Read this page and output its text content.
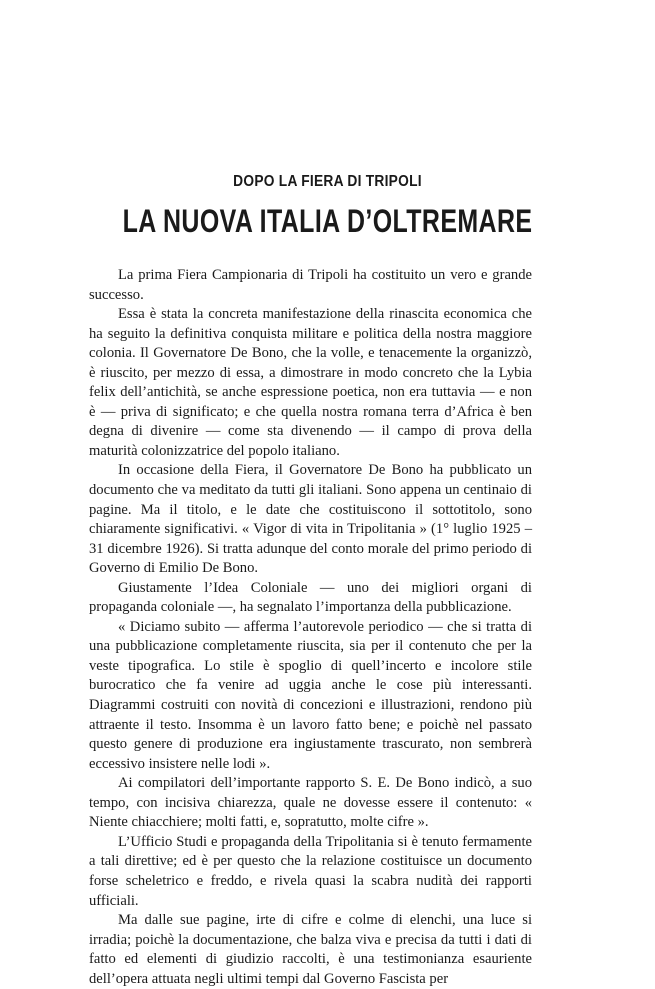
DOPO LA FIERA DI TRIPOLI
LA NUOVA ITALIA D’OLTREMARE

La prima Fiera Campionaria di Tripoli ha costituito un vero e grande successo.

Essa è stata la concreta manifestazione della rinascita economica che ha seguito la definitiva conquista militare e politica della nostra maggiore colonia. Il Governatore De Bono, che la volle, e tenacemente la organizzò, è riuscito, per mezzo di essa, a dimostrare in modo concreto che la Lybia felix dell’antichità, se anche espressione poetica, non era tuttavia — e non è — priva di significato; e che quella nostra romana terra d’Africa è ben degna di divenire — come sta divenendo — il campo di prova della maturità colonizzatrice del popolo italiano.

In occasione della Fiera, il Governatore De Bono ha pubblicato un documento che va meditato da tutti gli italiani. Sono appena un centinaio di pagine. Ma il titolo, e le date che costituiscono il sottotitolo, sono chiaramente significativi. « Vigor di vita in Tripolitania » (1° luglio 1925 – 31 dicembre 1926). Si tratta adunque del conto morale del primo periodo di Governo di Emilio De Bono.

Giustamente l’Idea Coloniale — uno dei migliori organi di propaganda coloniale —, ha segnalato l’importanza della pubblicazione.

« Diciamo subito — afferma l’autorevole periodico — che si tratta di una pubblicazione completamente riuscita, sia per il contenuto che per la veste tipografica. Lo stile è spoglio di quell’incerto e incolore stile burocratico che fa venire ad uggia anche le cose più interessanti. Diagrammi costruiti con novità di concezioni e illustrazioni, rendono più attraente il testo. Insomma è un lavoro fatto bene; e poichè nel passato questo genere di produzione era ingiustamente trascurato, non sembrerà eccessivo insistere nelle lodi ».

Ai compilatori dell’importante rapporto S. E. De Bono indicò, a suo tempo, con incisiva chiarezza, quale ne dovesse essere il contenuto: « Niente chiacchiere; molti fatti, e, sopratutto, molte cifre ».

L’Ufficio Studi e propaganda della Tripolitania si è tenuto fermamente a tali direttive; ed è per questo che la relazione costituisce un documento forse scheletrico e freddo, e rivela quasi la scabra nudità dei rapporti ufficiali.

Ma dalle sue pagine, irte di cifre e colme di elenchi, una luce si irradia; poichè la documentazione, che balza viva e precisa da tutti i dati di fatto ed elementi di giudizio raccolti, è una testimonianza esauriente dell’opera attuata negli ultimi tempi dal Governo Fascista per
